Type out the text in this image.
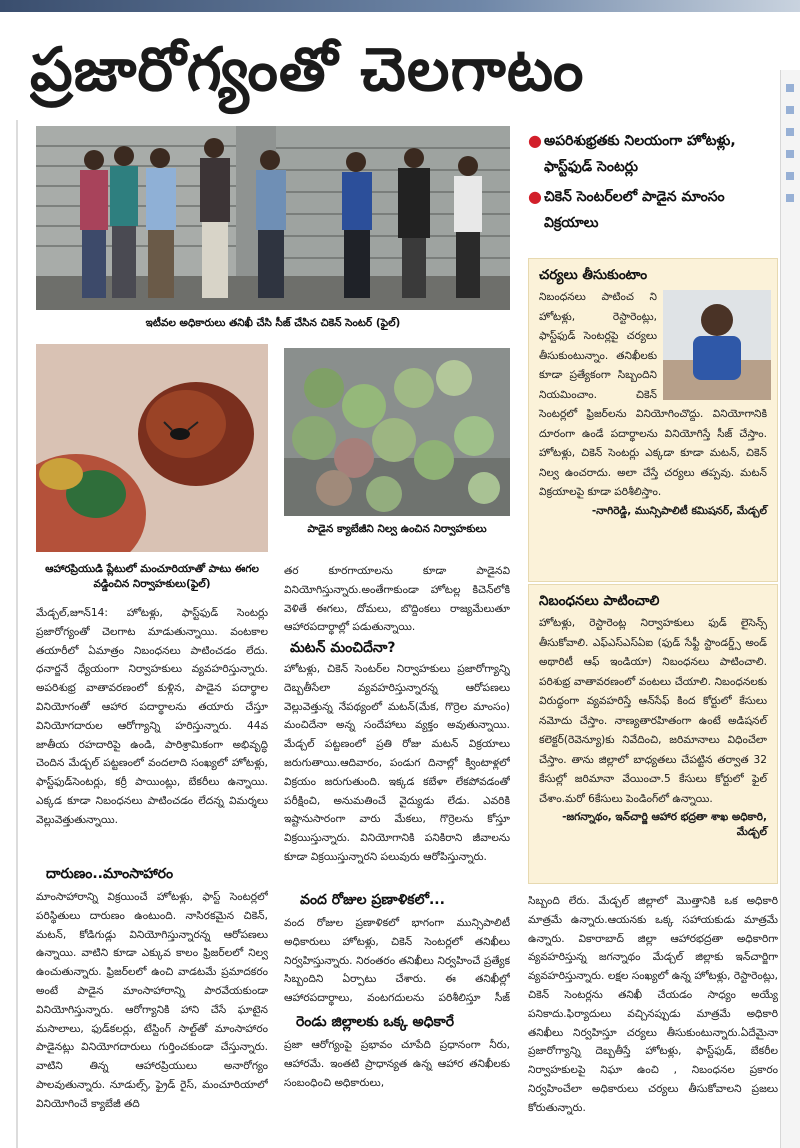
ప్రజారోగ్యంతో చెలగాటం
ఇటీవల అధికారులు తనిఖీ చేసి సీజ్ చేసిన చికెన్ సెంటర్ (ఫైల్)
ఆహారప్రియుడి ప్లేటులో మంచూరియాతో పాటు ఈగల వడ్డించిన నిర్వాహకులు(ఫైల్)
పాడైన క్యాబేజీని నిల్వ ఉంచిన నిర్వాహకులు
● అపరిశుభ్రతకు నిలయంగా హోటళ్లు, ఫాస్ట్‌ఫుడ్ సెంటర్లు
● చికెన్ సెంటర్‌లలో పాడైన మాంసం విక్రయాలు
చర్యలు తీసుకుంటాం
నిబంధనలు పాటించ ని హోటళ్లు, రెస్టారెంట్లు, ఫాస్ట్‌ఫుడ్ సెంటర్లపై చర్యలు తీసుకుంటున్నాం. తనిఖీలకు కూడా ప్రత్యేకంగా సిబ్బందిని నియమించాం. చికెన్ సెంటర్లలో ఫ్రిజర్‌లను వినియోగించొద్దు. వినియోగానికి దూరంగా ఉండే పదార్థాలను వినియోగిస్తే సీజ్ చేస్తాం. హోటళ్లు, చికెన్ సెంటర్లు ఎక్కడా కూడా మటన్, చికెన్ నిల్వ ఉంచరాదు. అలా చేస్తే చర్యలు తప్పవు. మటన్ విక్రయాలపై కూడా పరిశీలిస్తాం.
-నాగిరెడ్డి, మున్సిపాలిటీ కమిషనర్, మేడ్చల్
నిబంధనలు పాటించాలి
హోటళ్లు, రెస్టారెంట్ల నిర్వాహకులు ఫుడ్ లైసెన్స్ తీసుకోవాలి. ఎఫ్ఎస్ఎస్ఏఐ (ఫుడ్ సేఫ్టీ స్టాండర్డ్స్ అండ్ అథారిటీ ఆఫ్ ఇండియా) నిబంధనలు పాటించాలి. పరిశుభ్ర వాతావరణంలో వంటలు చేయాలి. నిబంధనలకు విరుద్ధంగా వ్యవహరిస్తే ఆన్‌సేఫ్ కింద కోర్టులో కేసులు నమోదు చేస్తాం. నాణ్యతారహితంగా ఉంటే అడిషనల్ కలెక్టర్(రెవెన్యూ)కు నివేదించి, జరిమానాలు విధించేలా చేస్తాం. తాను జిల్లాలో బాధ్యతలు చేపట్టిన తర్వాత 32 కేసుల్లో జరిమానా వేయించా.5 కేసులు కోర్టులో ఫైల్ చేశాం.మరో 6కేసులు పెండింగ్‌లో ఉన్నాయి.
-జగన్నాథం, ఇన్‌చార్జి ఆహార భద్రతా శాఖ అధికారి, మేడ్చల్
మేడ్చల్,జూన్14: హోటళ్లు, ఫాస్ట్‌ఫుడ్ సెంటర్లు ప్రజారోగ్యంతో చెలగాట మాడుతున్నాయి. వంటకాల తయారీలో ఏమాత్రం నిబంధనలు పాటించడం లేదు. ధనార్జనే ధ్యేయంగా నిర్వాహకులు వ్యవహరిస్తున్నారు. అపరిశుభ్ర వాతావరణంలో కుళ్లిన, పాడైన పదార్థాల వినియోగంతో ఆహార పదార్థాలను తయారు చేస్తూ వినియోగదారుల ఆరోగ్యాన్ని హరిస్తున్నారు. 44వ జాతీయ రహదారిపై ఉండి, పారిశ్రామికంగా అభివృద్ధి చెందిన మేడ్చల్ పట్టణంలో వందలాది సంఖ్యలో హోటళ్లు, ఫాస్ట్‌ఫుడ్‌సెంటర్లు, కర్రీ పాయింట్లు, బేకరీలు ఉన్నాయి. ఎక్కడ కూడా నిబంధనలు పాటించడం లేదన్న విమర్శలు వెల్లువెత్తుతున్నాయి.
దారుణం..మాంసాహారం
మాంసాహారాన్ని విక్రయించే హోటళ్లు, ఫాస్ట్ సెంటర్లలో పరిస్థితులు దారుణం ఉంటుంది. నాసిరకమైన చికెన్, మటన్, కోడిగుడ్లు వినియోగిస్తున్నారన్న ఆరోపణలు ఉన్నాయి. వాటిని కూడా ఎక్కువ కాలం ఫ్రిజర్‌లలో నిల్వ ఉంచుతున్నారు. ఫ్రిజర్‌లలో ఉంచి వాడటమే ప్రమాదకరం అంటే పాడైన మాంసాహారాన్ని పారవేయకుండా వినియోగిస్తున్నారు. ఆరోగ్యానికి హాని చేసే ఘాటైన మసాలాలు, ఫుడ్‌కలర్లు, టేస్టింగ్ సాల్ట్‌తో మాంసాహారం పాడైనట్లు వినియోగదారులు గుర్తించకుండా చేస్తున్నారు. వాటిని తిన్న ఆహారప్రియులు అనారోగ్యం పాలవుతున్నారు. నూడుల్స్, ఫ్రైడ్ రైస్, మంచూరియాలో వినియోగించే క్యాబేజీ తది
తర కూరగాయాలను కూడా పాడైనవి వినియోగిస్తున్నారు.అంతేగాకుండా హోటల్ల కిచెన్‌లోకి వెళితే ఈగలు, దోమలు, బొద్దింకలు రాజ్యమేలుతూ ఆహారపదార్థాల్లో పడుతున్నాయి.
మటన్ మంచిదేనా?
హోటళ్లు, చికెన్ సెంటర్‌ల నిర్వాహకులు ప్రజారోగ్యాన్ని దెబ్బతీసేలా వ్యవహరిస్తున్నారన్న ఆరోపణలు వెల్లువెత్తున్న నేపథ్యంలో మటన్(మేక, గొర్రెల మాంసం) మంచిదేనా అన్న సందేహాలు వ్యక్తం అవుతున్నాయి. మేడ్చల్ పట్టణంలో ప్రతి రోజు మటన్ విక్రయాలు జరుగుతాయి.ఆదివారం, పండుగ దినాల్లో క్వింటాళ్లలో విక్రయం జరుగుతుంది. ఇక్కడ కబేళా లేకపోవడంతో పరీక్షించి, అనుమతించే వైద్యుడు లేడు. ఎవరికి ఇష్టానుసారంగా వారు మేకలు, గొర్రెలను కోస్తూ విక్రయిస్తున్నారు. వినియోగానికి పనికిరాని జీవాలను కూడా విక్రయిస్తున్నారని పలువురు ఆరోపిస్తున్నారు.
వంద రోజుల ప్రణాళికలో...
వంద రోజుల ప్రణాళికలో భాగంగా మున్సిపాలిటీ అధికారులు హోటళ్లు, చికెన్ సెంటర్లలో తనిఖీలు నిర్వహిస్తున్నారు. నిరంతరం తనిఖీలు నిర్వహించే ప్రత్యేక సిబ్బందిని ఏర్పాటు చేశారు. ఈ తనిఖీల్లో ఆహారపదార్థాలు, వంటగదులను పరిశీలిస్తూ సీజ్
రెండు జిల్లాలకు ఒక్క అధికారే
ప్రజా ఆరోగ్యంపై ప్రభావం చూపేది ప్రధానంగా నీరు, ఆహారమే. ఇంతటి ప్రాధాన్యత ఉన్న ఆహార తనిఖీలకు సంబంధించి అధికారులు,
సిబ్బంది లేరు. మేడ్చల్ జిల్లాలో మొత్తానికి ఒక అధికారి మాత్రమే ఉన్నారు.ఆయనకు ఒక్క సహాయకుడు మాత్రమే ఉన్నారు. వికారాబాద్ జిల్లా ఆహారభద్రతా అధికారిగా వ్యవహరిస్తున్న జగన్నాథం మేడ్చల్ జిల్లాకు ఇన్‌చార్జిగా వ్యవహరిస్తున్నారు. లక్షల సంఖ్యలో ఉన్న హోటళ్లు, రెస్టారెంట్లు, చికెన్ సెంటర్లను తనిఖీ చేయడం సాధ్యం అయ్యే పనికాదు.ఫిర్యాదులు వచ్చినప్పుడు మాత్రమే అధికారి తనిఖీలు నిర్వహిస్తూ చర్యలు తీసుకుంటున్నారు.ఏదేమైనా ప్రజారోగ్యాన్ని దెబ్బతీస్తే హోటళ్లు, ఫాస్ట్‌ఫుడ్, బేకరీల నిర్వాహకులపై నిఘా ఉంచి , నిబంధనల ప్రకారం నిర్వహించేలా అధికారులు చర్యలు తీసుకోవాలని ప్రజలు కోరుతున్నారు.
